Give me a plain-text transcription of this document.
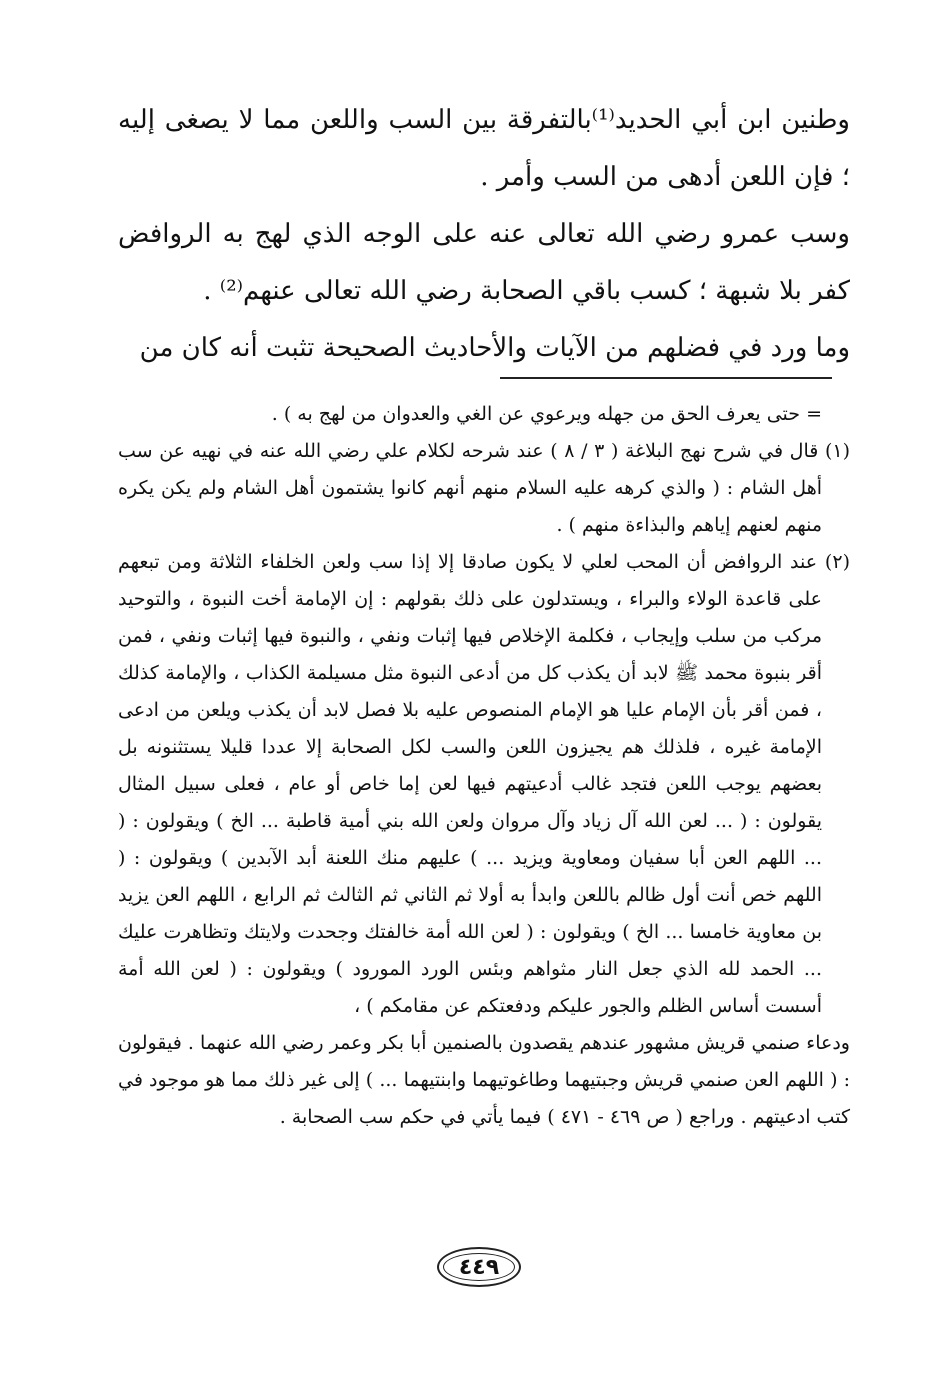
وطنين ابن أبي الحديد⁽¹⁾بالتفرقة بين السب واللعن مما لا يصغى إليه ؛ فإن اللعن أدهى من السب وأمر .

وسب عمرو رضي الله تعالى عنه على الوجه الذي لهج به الروافض كفر بلا شبهة ؛ كسب باقي الصحابة رضي الله تعالى عنهم⁽²⁾ .

وما ورد في فضلهم من الآيات والأحاديث الصحيحة تثبت أنه كان من

= حتى يعرف الحق من جهله ويرعوي عن الغي والعدوان من لهج به ) .

(١) قال في شرح نهج البلاغة ( ٣ / ٨ ) عند شرحه لكلام علي رضي الله عنه في نهيه عن سب أهل الشام : ( والذي كرهه عليه السلام منهم أنهم كانوا يشتمون أهل الشام ولم يكن يكره منهم لعنهم إياهم والبذاءة منهم ) .

(٢) عند الروافض أن المحب لعلي لا يكون صادقا إلا إذا سب ولعن الخلفاء الثلاثة ومن تبعهم على قاعدة الولاء والبراء ، ويستدلون على ذلك بقولهم : إن الإمامة أخت النبوة ، والتوحيد مركب من سلب وإيجاب ، فكلمة الإخلاص فيها إثبات ونفي ، والنبوة فيها إثبات ونفي ، فمن أقر بنبوة محمد ﷺ لابد أن يكذب كل من أدعى النبوة مثل مسيلمة الكذاب ، والإمامة كذلك ، فمن أقر بأن الإمام عليا هو الإمام المنصوص عليه بلا فصل لابد أن يكذب ويلعن من ادعى الإمامة غيره ، فلذلك هم يجيزون اللعن والسب لكل الصحابة إلا عددا قليلا يستثنونه بل بعضهم يوجب اللعن فتجد غالب أدعيتهم فيها لعن إما خاص أو عام ، فعلى سبيل المثال يقولون : ( ... لعن الله آل زياد وآل مروان ولعن الله بني أمية قاطبة ... الخ ) ويقولون : ( ... اللهم العن أبا سفيان ومعاوية ويزيد ... ) عليهم منك اللعنة أبد الآبدين ) ويقولون : ( اللهم خص أنت أول ظالم باللعن وابدأ به أولا ثم الثاني ثم الثالث ثم الرابع ، اللهم العن يزيد بن معاوية خامسا ... الخ ) ويقولون : ( لعن الله أمة خالفتك وجحدت ولايتك وتظاهرت عليك ... الحمد لله الذي جعل النار مثواهم وبئس الورد المورود ) ويقولون : ( لعن الله أمة أسست أساس الظلم والجور عليكم ودفعتكم عن مقامكم ) ،

ودعاء صنمي قريش مشهور عندهم يقصدون بالصنمين أبا بكر وعمر رضي الله عنهما . فيقولون : ( اللهم العن صنمي قريش وجبتيهما وطاغوتيهما وابنتيهما ... ) إلى غير ذلك مما هو موجود في كتب ادعيتهم . وراجع ( ص ٤٦٩ - ٤٧١ ) فيما يأتي في حكم سب الصحابة .

٤٤٩
